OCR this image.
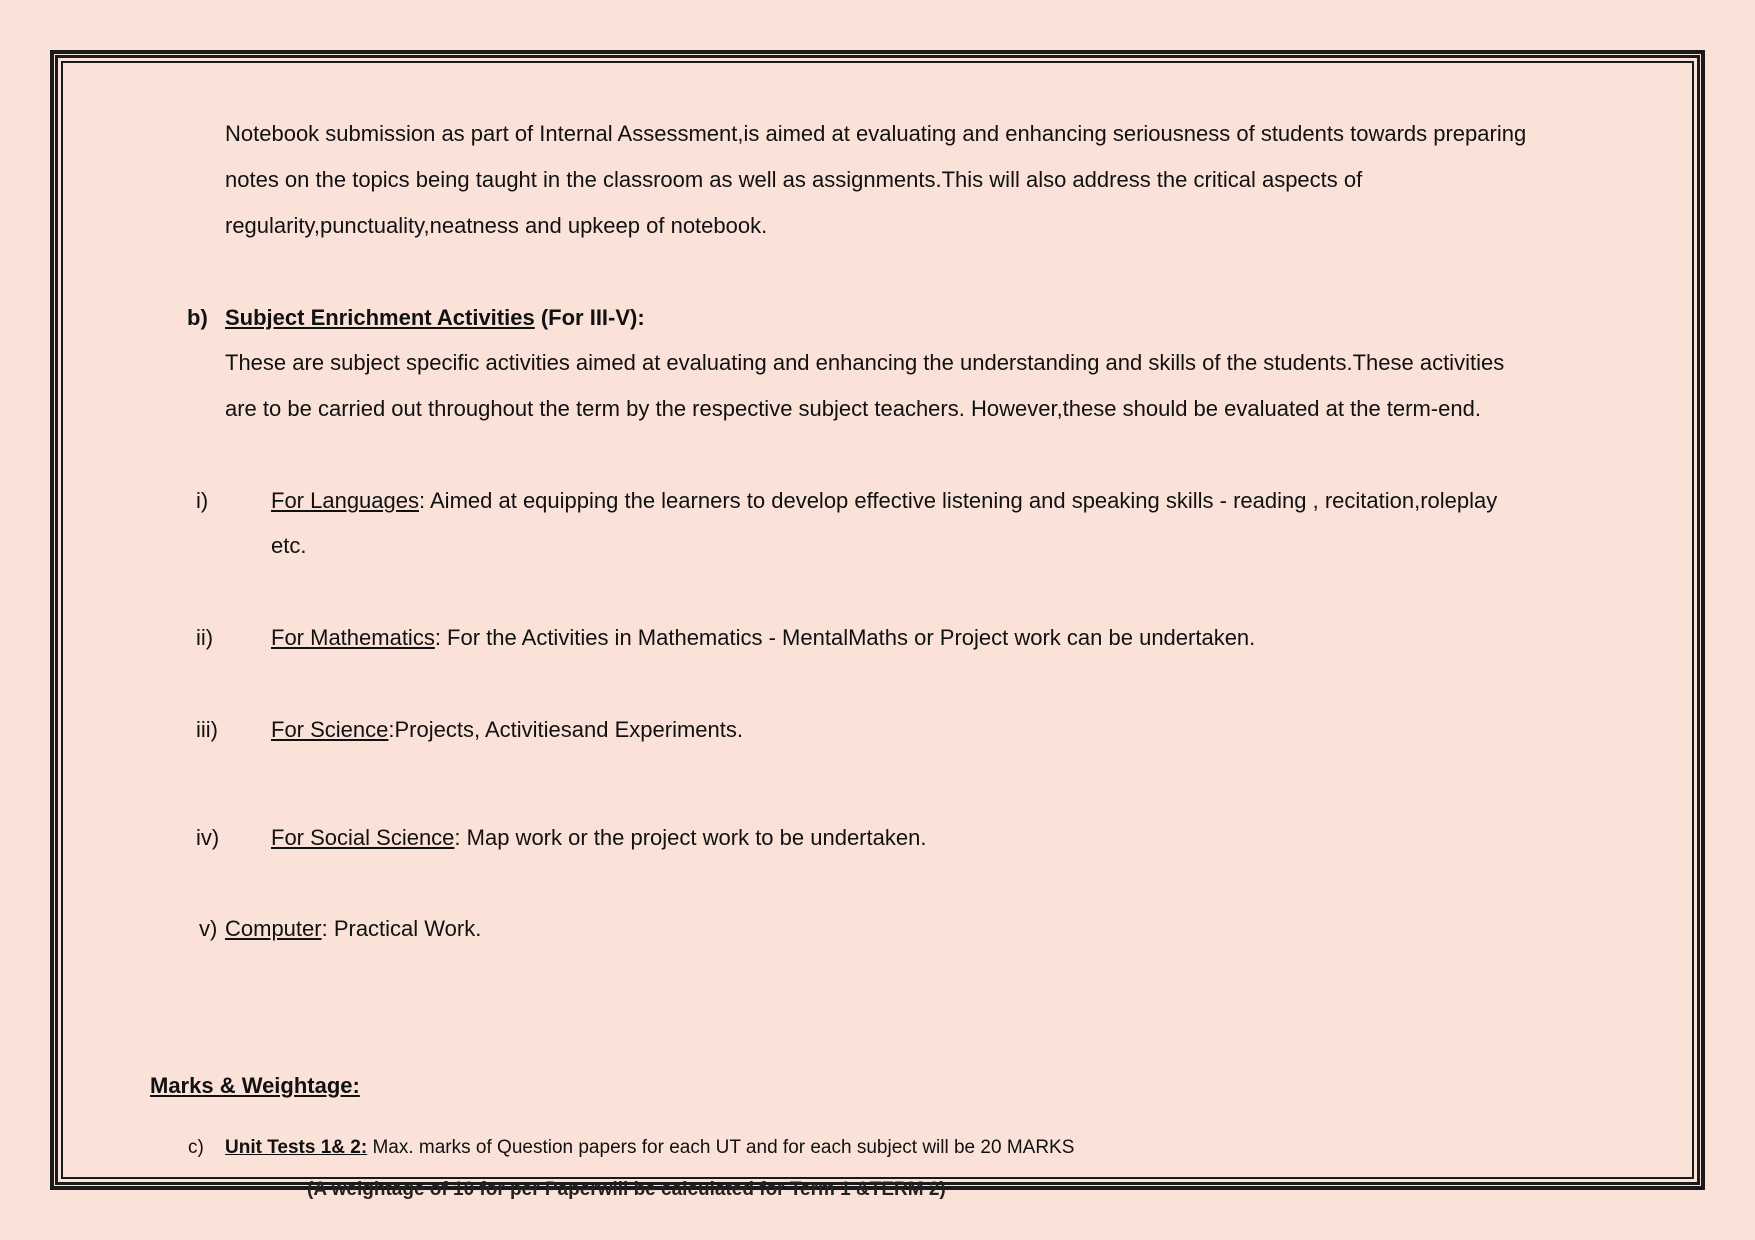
Notebook submission as part of Internal Assessment,is aimed at evaluating and enhancing seriousness of students towards preparing
notes on the topics being taught in the classroom as well as assignments.This will also address the critical aspects of
regularity,punctuality,neatness and upkeep of notebook.
b) Subject Enrichment Activities (For III-V):
These are subject specific activities aimed at evaluating and enhancing the understanding and skills of the students.These activities
are to be carried out throughout the term by the respective subject teachers. However,these should be evaluated at the term-end.
i)	For Languages: Aimed at equipping the learners to develop effective listening and speaking skills - reading , recitation,roleplay
etc.
ii)	For Mathematics: For the Activities in Mathematics - MentalMaths or Project work can be undertaken.
iii) For Science:Projects, Activitiesand Experiments.
iv) For Social Science: Map work or the project work to be undertaken.
v) Computer: Practical Work.
Marks & Weightage:
c) Unit Tests 1& 2: Max. marks of Question papers for each UT and for each subject will be 20 MARKS
(A weightage of 10 for per Paperwill be calculated for Term 1 &TERM 2)
